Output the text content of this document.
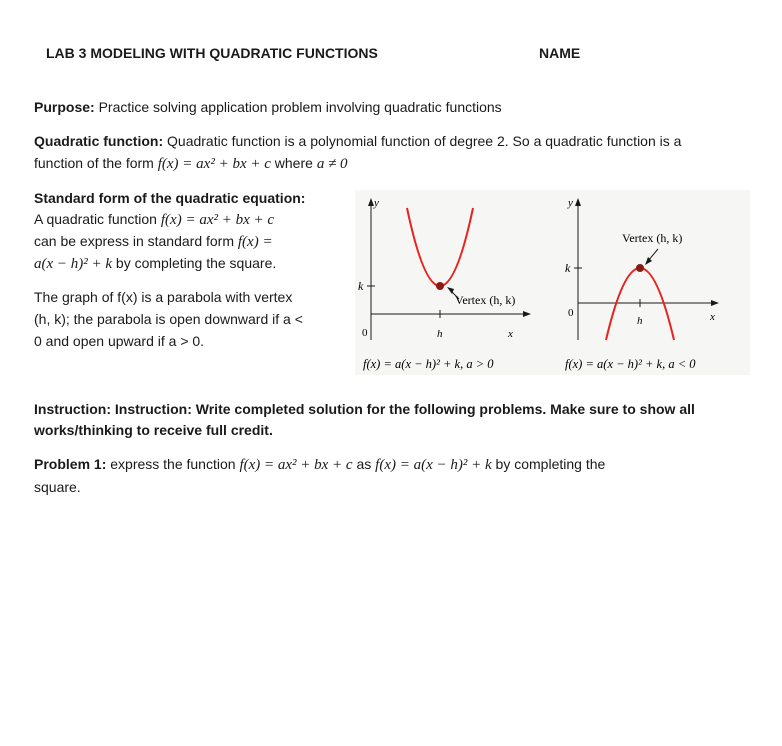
LAB 3 MODELING WITH QUADRATIC FUNCTIONS	NAME
Purpose: Practice solving application problem involving quadratic functions
Quadratic function: Quadratic function is a polynomial function of degree 2. So a quadratic function is a
function of the form f(x) = ax² + bx + c where a ≠ 0
Standard form of the quadratic equation:
A quadratic function f(x) = ax² + bx + c
can be express in standard form f(x) =
a(x − h)² + k by completing the square.
The graph of f(x) is a parabola with vertex
(h, k); the parabola is open downward if a <
0 and open upward if a > 0.
y
k
0	h	x
Vertex (h, k)
f(x) = a(x − h)² + k, a > 0
y
k
0
h	x
Vertex (h, k)
f(x) = a(x − h)² + k, a < 0
Instruction: Instruction: Write completed solution for the following problems. Make sure to show all
works/thinking to receive full credit.
Problem 1: express the function f(x) = ax² + bx + c as f(x) = a(x − h)² + k by completing the
square.
